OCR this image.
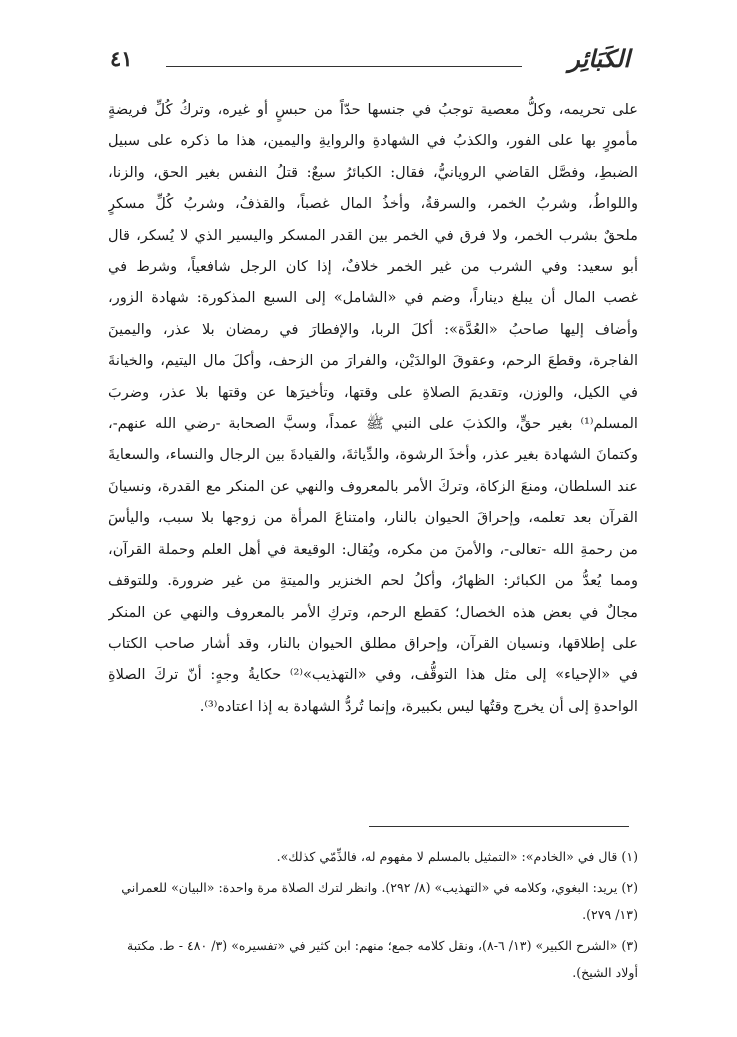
الكَبَائِر
٤١
على تحريمه، وكلُّ معصية توجبُ في جنسها حدّاً من حبسٍ أو غيره، وتركُ كُلِّ فريضةٍ
مأمورٍ بها على الفور، والكذبُ في الشهادةِ والروايةِ واليمين، هذا ما ذكره على سبيل
الضبطِ، وفصَّل القاضي الرويانيُّ، فقال: الكبائرُ سبعٌ: قتلُ النفس بغير الحق، والزنا،
واللواطُ، وشربُ الخمر، والسرقةُ، وأخذُ المال غصباً، والقذفُ، وشربُ كُلِّ مسكرٍ
ملحقٌ بشرب الخمر، ولا فرق في الخمر بين القدر المسكر واليسير الذي لا يُسكر، قال
أبو سعيد: وفي الشرب من غير الخمر خلافٌ، إذا كان الرجل شافعياً، وشرط في
غصب المال أن يبلغ ديناراً، وضم في «الشامل» إلى السبع المذكورة: شهادة الزور،
وأضاف إليها صاحبُ «العُدَّة»: أكلَ الربا، والإفطارَ في رمضان بلا عذر، واليمينَ
الفاجرة، وقطعَ الرحم، وعقوقَ الوالدَيْن، والفرارَ من الزحف، وأكلَ مال اليتيم، والخيانةَ
في الكيل، والوزن، وتقديمَ الصلاةِ على وقتها، وتأخيرَها عن وقتها بلا عذر، وضربَ
المسلم⁽¹⁾ بغير حقٍّ، والكذبَ على النبي ﷺ عمداً، وسبَّ الصحابة -رضي الله عنهم-،
وكتمانَ الشهادة بغير عذر، وأخذَ الرشوة، والدِّياثةَ، والقيادةَ بين الرجال والنساء، والسعايةَ
عند السلطان، ومنعَ الزكاة، وتركَ الأمر بالمعروف والنهي عن المنكر مع القدرة، ونسيانَ
القرآن بعد تعلمه، وإحراقَ الحيوان بالنار، وامتناعَ المرأة من زوجها بلا سبب، واليأسَ
من رحمةِ الله -تعالى-، والأمنَ من مكره، ويُقال: الوقيعة في أهل العلم وحملة القرآن،
ومما يُعدُّ من الكبائر: الظهارُ، وأكلُ لحم الخنزير والميتةِ من غير ضرورة. وللتوقف
مجالٌ في بعض هذه الخصال؛ كقطع الرحم، وتركِ الأمر بالمعروف والنهي عن المنكر
على إطلاقها، ونسيان القرآن، وإحراق مطلق الحيوان بالنار، وقد أشار صاحب الكتاب
في «الإحياء» إلى مثل هذا التوقُّف، وفي «التهذيب»⁽²⁾ حكايةُ وجهٍ: أنّ تركَ الصلاةِ
الواحدةِ إلى أن يخرج وقتُها ليس بكبيرة، وإنما تُردُّ الشهادة به إذا اعتاده⁽³⁾.

(١) قال في «الخادم»: «التمثيل بالمسلم لا مفهوم له، فالذِّمّي كذلك».

(٢) يريد: البغوي، وكلامه في «التهذيب» (٨/ ٢٩٢). وانظر لترك الصلاة مرة واحدة: «البيان» للعمراني (١٣/ ٢٧٩).

(٣) «الشرح الكبير» (١٣/ ٦-٨)، ونقل كلامه جمع؛ منهم: ابن كثير في «تفسيره» (٣/ ٤٨٠ - ط. مكتبة أولاد الشيخ).
